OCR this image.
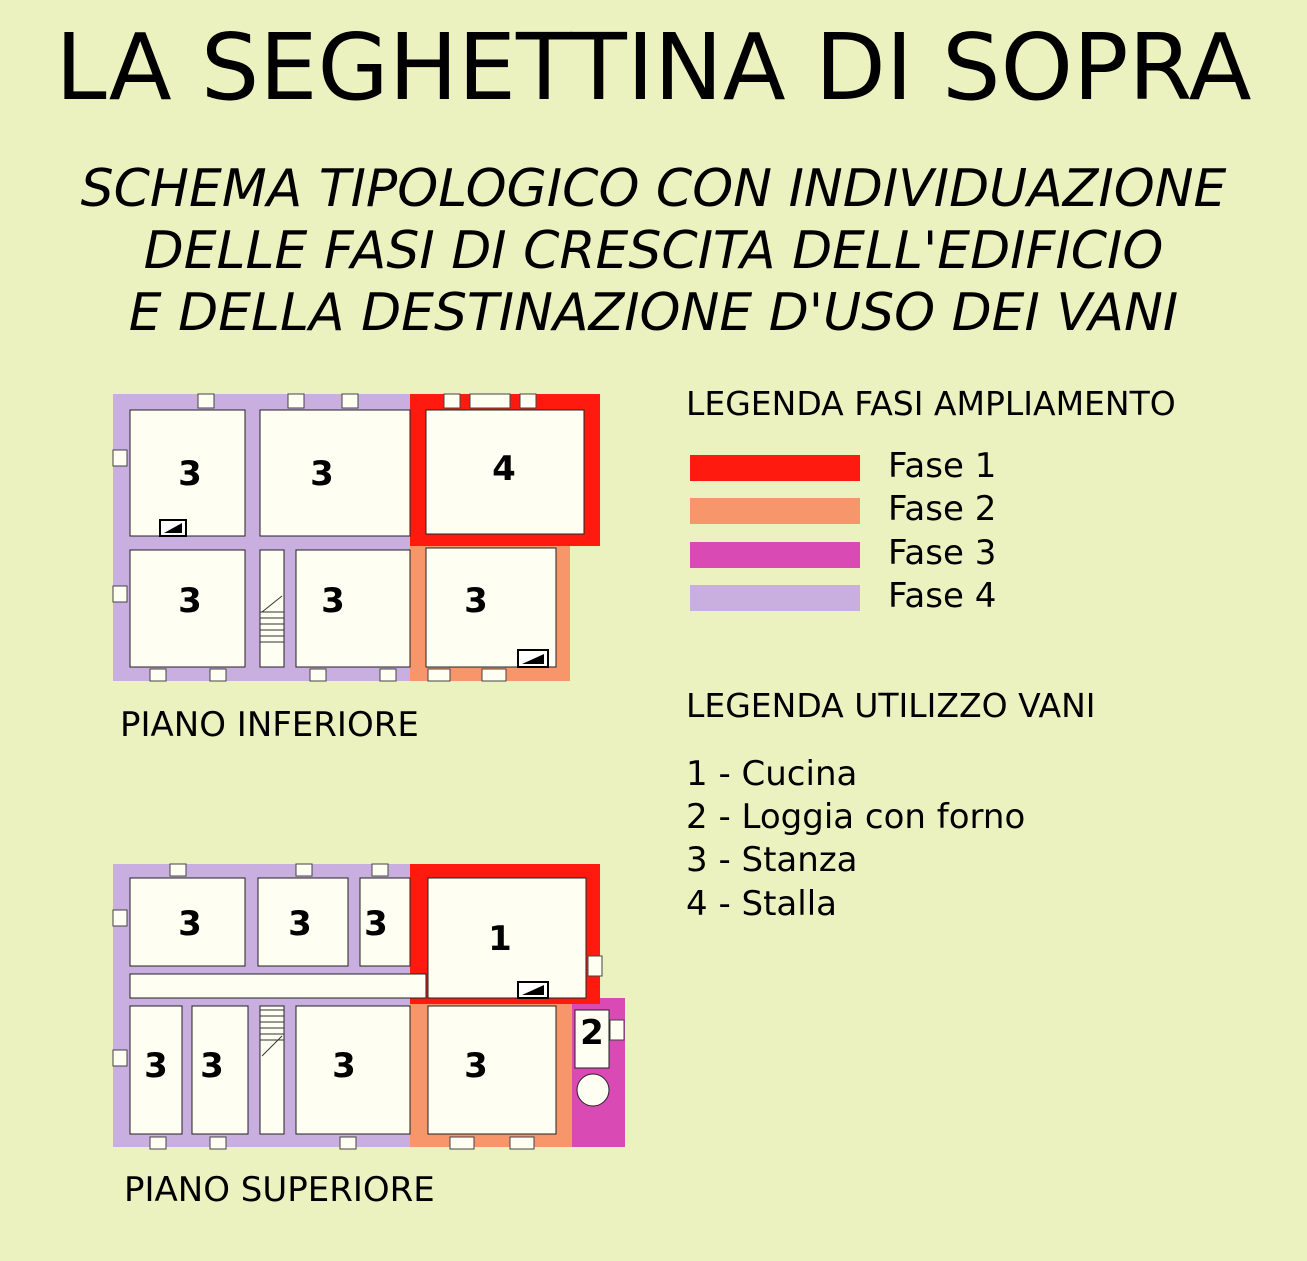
LA SEGHETTINA DI SOPRA
SCHEMA TIPOLOGICO CON INDIVIDUAZIONE
DELLE FASI DI CRESCITA DELL'EDIFICIO
E DELLA DESTINAZIONE D'USO DEI VANI
3	3	4
3	3	3
PIANO INFERIORE
3	3 3	1
3 3	3	3
2
PIANO SUPERIORE
LEGENDA FASI AMPLIAMENTO
Fase 1
Fase 2
Fase 3
Fase 4
LEGENDA UTILIZZO VANI
1 - Cucina
2 - Loggia con forno
3 - Stanza
4 - Stalla
